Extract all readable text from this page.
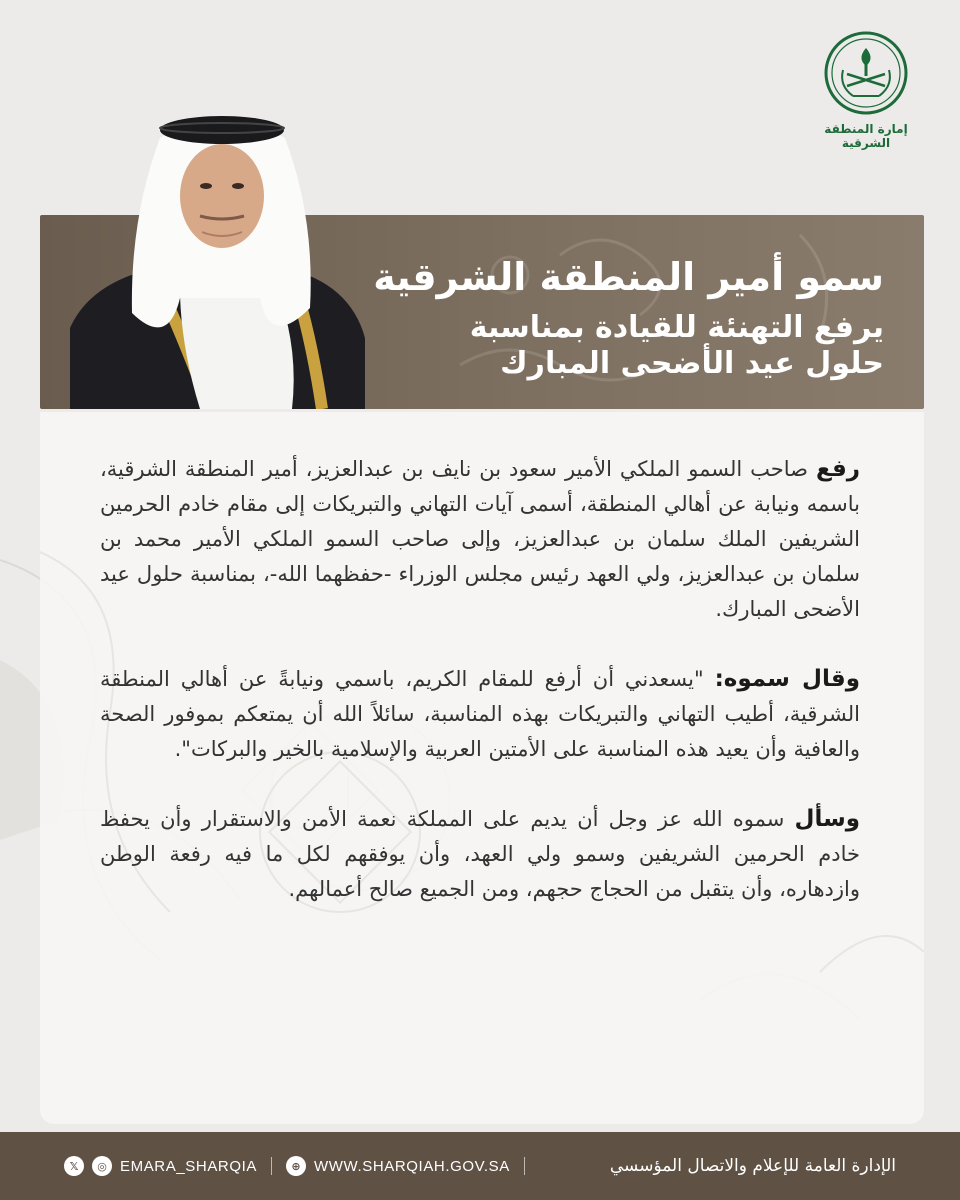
إمارة المنطقة الشرقية
سمو أمير المنطقة الشرقية
يرفع التهنئة للقيادة بمناسبة
حلول عيد الأضحى المبارك

رفع صاحب السمو الملكي الأمير سعود بن نايف بن عبدالعزيز، أمير المنطقة الشرقية، باسمه ونيابة عن أهالي المنطقة، أسمى آيات التهاني والتبريكات إلى مقام خادم الحرمين الشريفين الملك سلمان بن عبدالعزيز، وإلى صاحب السمو الملكي الأمير محمد بن سلمان بن عبدالعزيز، ولي العهد رئيس مجلس الوزراء -حفظهما الله-، بمناسبة حلول عيد الأضحى المبارك.

وقال سموه: "يسعدني أن أرفع للمقام الكريم، باسمي ونيابةً عن أهالي المنطقة الشرقية، أطيب التهاني والتبريكات بهذه المناسبة، سائلاً الله أن يمتعكم بموفور الصحة والعافية وأن يعيد هذه المناسبة على الأمتين العربية والإسلامية بالخير والبركات".

وسأل سموه الله عز وجل أن يديم على المملكة نعمة الأمن والاستقرار وأن يحفظ خادم الحرمين الشريفين وسمو ولي العهد، وأن يوفقهم لكل ما فيه رفعة الوطن وازدهاره، وأن يتقبل من الحجاج حجهم، ومن الجميع صالح أعمالهم.

𝕏	◎ EMARA_SHARQIA	⊕ WWW.SHARQIAH.GOV.SA	الإدارة العامة للإعلام والاتصال المؤسسي
